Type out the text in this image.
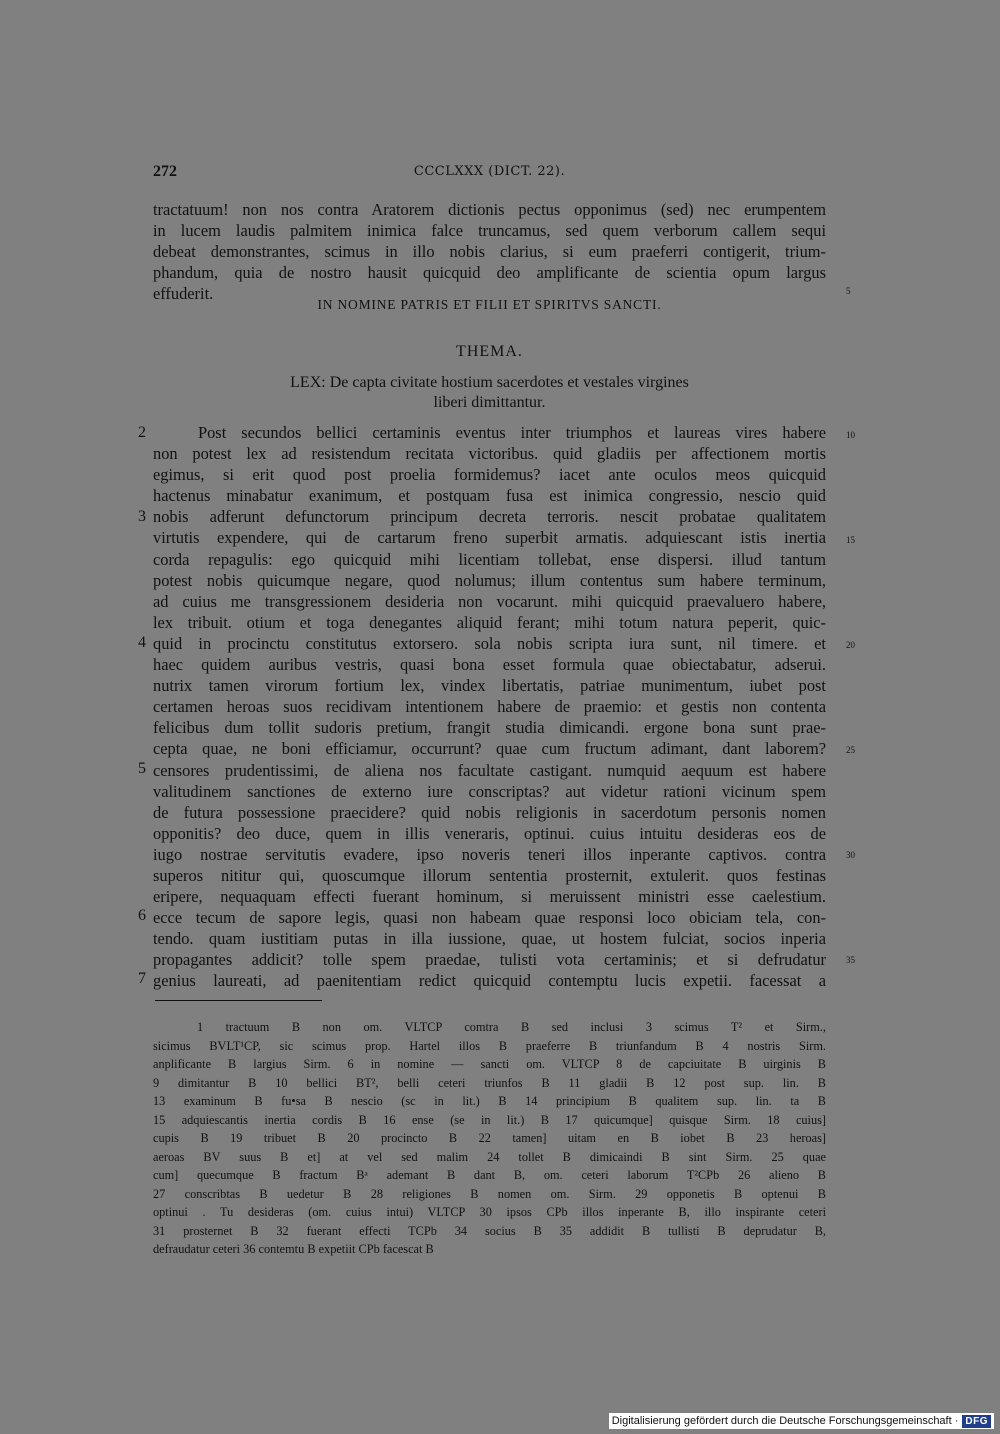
272	CCCLXXX (DICT. 22).
tractatuum! non nos contra Aratorem dictionis pectus opponimus (sed) nec erumpentem
in lucem laudis palmitem inimica falce truncamus, sed quem verborum callem sequi
debeat demonstrantes, scimus in illo nobis clarius, si eum praeferri contigerit, trium-
phandum, quia de nostro hausit quicquid deo amplificante de scientia opum largus
effuderit.
IN NOMINE PATRIS ET FILII ET SPIRITVS SANCTI.
5
THEMA.
LEX: De capta civitate hostium sacerdotes et vestales virgines
liberi dimittantur.
Post secundos bellici certaminis eventus inter triumphos et laureas vires habere
non potest lex ad resistendum recitata victoribus. quid gladiis per affectionem mortis
egimus, si erit quod post proelia formidemus? iacet ante oculos meos quicquid
hactenus minabatur exanimum, et postquam fusa est inimica congressio, nescio quid
nobis adferunt defunctorum principum decreta terroris. nescit probatae qualitatem
virtutis expendere, qui de cartarum freno superbit armatis. adquiescant istis inertia
corda repagulis: ego quicquid mihi licentiam tollebat, ense dispersi. illud tantum
potest nobis quicumque negare, quod nolumus; illum contentus sum habere terminum,
ad cuius me transgressionem desideria non vocarunt. mihi quicquid praevaluero habere,
lex tribuit. otium et toga denegantes aliquid ferant; mihi totum natura peperit, quic-
quid in procinctu constitutus extorsero. sola nobis scripta iura sunt, nil timere. et
haec quidem auribus vestris, quasi bona esset formula quae obiectabatur, adserui.
nutrix tamen virorum fortium lex, vindex libertatis, patriae munimentum, iubet post
certamen heroas suos recidivam intentionem habere de praemio: et gestis non contenta
felicibus dum tollit sudoris pretium, frangit studia dimicandi. ergone bona sunt prae-
cepta quae, ne boni efficiamur, occurrunt? quae cum fructum adimant, dant laborem?
censores prudentissimi, de aliena nos facultate castigant. numquid aequum est habere
valitudinem sanctiones de externo iure conscriptas? aut videtur rationi vicinum spem
de futura possessione praecidere? quid nobis religionis in sacerdotum personis nomen
opponitis? deo duce, quem in illis veneraris, optinui. cuius intuitu desideras eos de
iugo nostrae servitutis evadere, ipso noveris teneri illos inperante captivos. contra
superos nititur qui, quoscumque illorum sententia prosternit, extulerit. quos festinas
eripere, nequaquam effecti fuerant hominum, si meruissent ministri esse caelestium.
ecce tecum de sapore legis, quasi non habeam quae responsi loco obiciam tela, con-
tendo. quam iustitiam putas in illa iussione, quae, ut hostem fulciat, socios inperia
propagantes addicit? tolle spem praedae, tulisti vota certaminis; et si defrudatur
genius laureati, ad paenitentiam redict quicquid contemptu lucis expetii. facessat a
2
3
4
5
6
7
10
15
20
25
30
35
1 tractuum B non om. VLTCP comtra B sed inclusi 3 scimus T² et Sirm.,
sicimus BVLT¹CP, sic scimus prop. Hartel illos B praeferre B triunfandum B 4 nostris Sirm.
anplificante B largius Sirm. 6 in nomine — sancti om. VLTCP 8 de capciuitate B uirginis B
9 dimitantur B 10 bellici BT², belli ceteri triunfos B 11 gladii B 12 post sup. lin. B
13 examinum B fu•sa B nescio (sc in lit.) B 14 principium B qualitem sup. lin. ta B
15 adquiescantis inertia cordis B 16 ense (se in lit.) B 17 quicumque] quisque Sirm. 18 cuius]
cupis B 19 tribuet B 20 procincto B 22 tamen] uitam en B iobet B 23 heroas]
aeroas BV suus B et] at vel sed malim 24 tollet B dimicaindi B sint Sirm. 25 quae
cum] quecumque B fractum Bᵃ ademant B dant B, om. ceteri laborum T²CPb 26 alieno B
27 conscribtas B uedetur B 28 religiones B nomen om. Sirm. 29 opponetis B optenui B
optinui . Tu desideras (om. cuius intui) VLTCP 30 ipsos CPb illos inperante B, illo inspirante ceteri
31 prosternet B 32 fuerant effecti TCPb 34 socius B 35 addidit B tullisti B deprudatur B,
defraudatur ceteri 36 contemtu B expetiit CPb facescat B
Digitalisierung gefördert durch die Deutsche Forschungsgemeinschaft · DFG
